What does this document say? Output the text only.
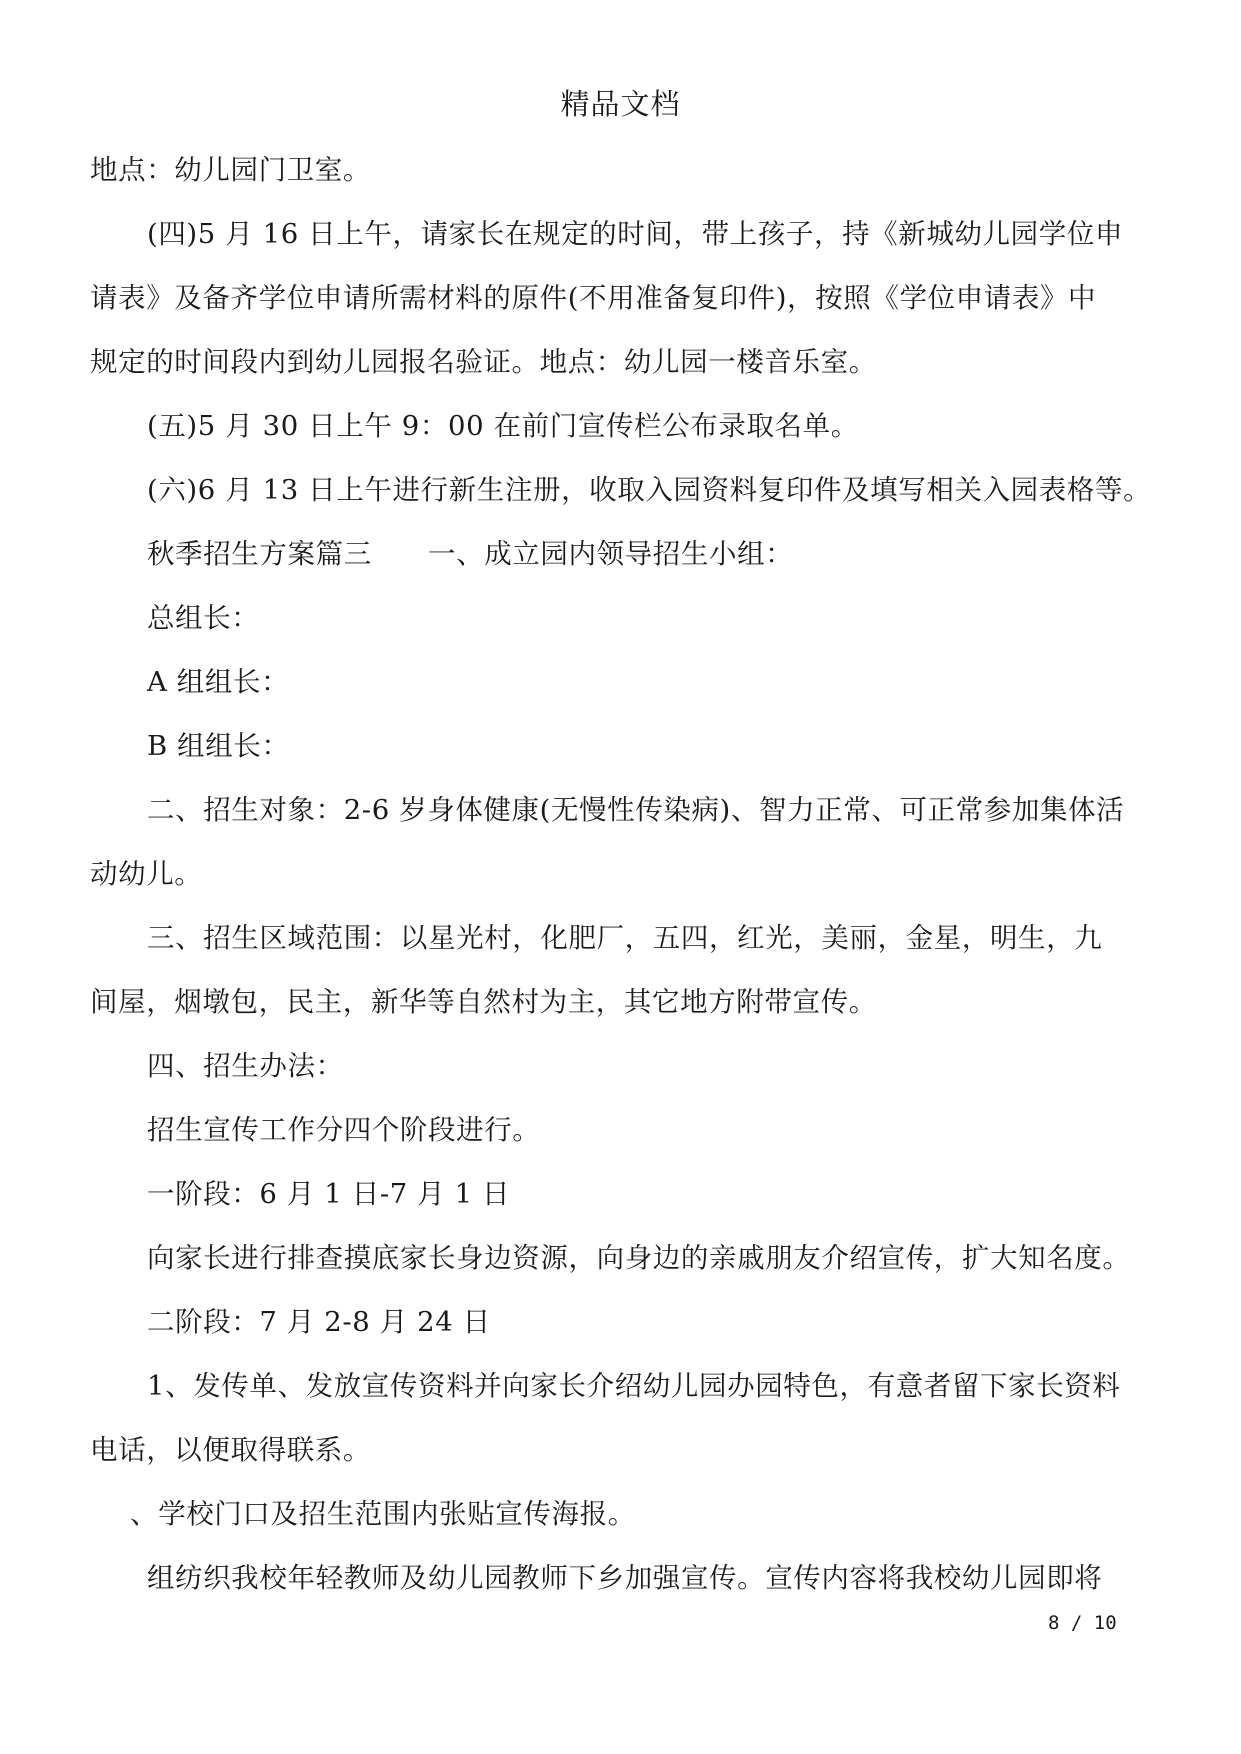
精品文档
地点：幼儿园门卫室。
(四)5 月 16 日上午，请家长在规定的时间，带上孩子，持《新城幼儿园学位申
请表》及备齐学位申请所需材料的原件(不用准备复印件)，按照《学位申请表》中
规定的时间段内到幼儿园报名验证。地点：幼儿园一楼音乐室。
(五)5 月 30 日上午 9：00 在前门宣传栏公布录取名单。
(六)6 月 13 日上午进行新生注册，收取入园资料复印件及填写相关入园表格等。
秋季招生方案篇三　　一、成立园内领导招生小组：
总组长：
A 组组长：
B 组组长：
二、招生对象：2-6 岁身体健康(无慢性传染病)、智力正常、可正常参加集体活
动幼儿。
三、招生区域范围：以星光村，化肥厂，五四，红光，美丽，金星，明生，九
间屋，烟墩包，民主，新华等自然村为主，其它地方附带宣传。
四、招生办法：
招生宣传工作分四个阶段进行。
一阶段：6 月 1 日-7 月 1 日
向家长进行排查摸底家长身边资源，向身边的亲戚朋友介绍宣传，扩大知名度。
二阶段：7 月 2-8 月 24 日
1、发传单、发放宣传资料并向家长介绍幼儿园办园特色，有意者留下家长资料
电话，以便取得联系。
、学校门口及招生范围内张贴宣传海报。
组纺织我校年轻教师及幼儿园教师下乡加强宣传。宣传内容将我校幼儿园即将
8 / 10
